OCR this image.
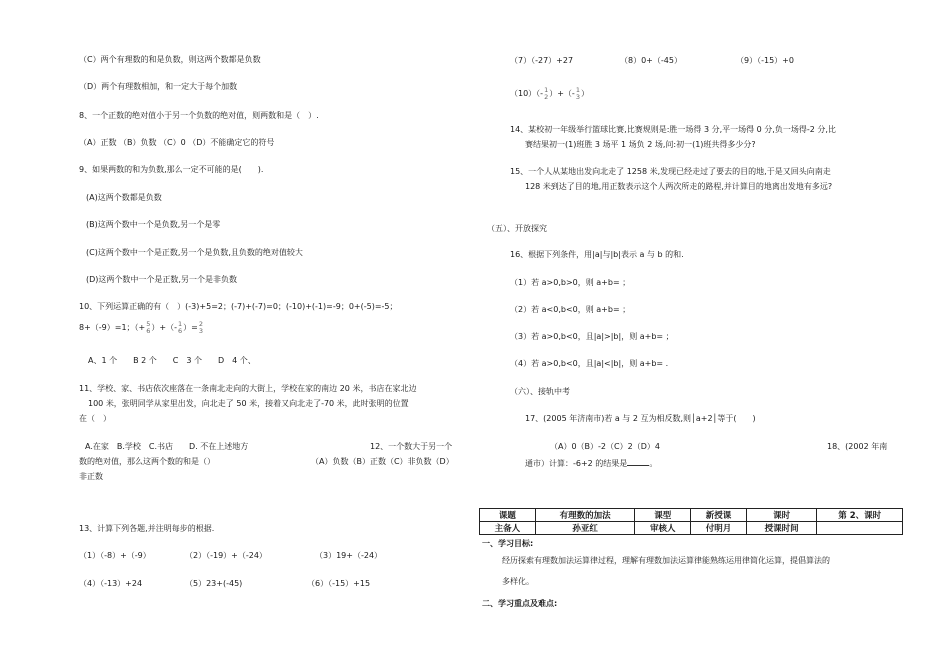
（C）两个有理数的和是负数，则这两个数都是负数
（D）两个有理数相加，和一定大于每个加数
8、一个正数的绝对值小于另一个负数的绝对值，则两数和是（　）.
（A）正数 （B）负数 （C）0 （D）不能确定它的符号
9、如果两数的和为负数,那么一定不可能的是(　　).
(A)这两个数都是负数
(B)这两个数中一个是负数,另一个是零
(C)这两个数中一个是正数,另一个是负数,且负数的绝对值较大
(D)这两个数中一个是正数,另一个是非负数
10、下列运算正确的有（　）(-3)+5=2；(-7)+(-7)=0；(-10)+(-1)=-9；0+(-5)=-5；
8+（-9）=1；（+ 5
6 ）+（- 1
6 ）= 2
3
A、1 个　　B 2 个　　C　3 个　　D　4 个、
11、学校、家、书店依次座落在一条南北走向的大街上，学校在家的南边 20 米，书店在家北边
100 米，张明同学从家里出发，向北走了 50 米，接着又向北走了-70 米，此时张明的位置
在（　）
A.在家　B.学校　C.书店　　D. 不在上述地方	12、一个数大于另一个
数的绝对值，那么这两个数的和是（）	（A）负数（B）正数（C）非负数（D）
非正数
13、计算下列各题,并注明每步的根据.
（1）（-8）+（-9）	（2）（-19）+（-24）	（3）19+（-24）
（4）（-13）+24	（5）23+(-45)	（6）（-15）+15
（7）（-27）+27	（8）0+（-45）	（9）（-15）+0
（10）（- 1
2 ）+（- 1
3 ）
14、某校初一年级举行篮球比赛,比赛规则是:胜一场得 3 分,平一场得 0 分,负一场得-2 分,比
赛结果初一(1)班胜 3 场平 1 场负 2 场,问:初一(1)班共得多少分?
15、一个人从某地出发向北走了 1258 米,发现已经走过了要去的目的地,于是又回头向南走
128 米到达了目的地,用正数表示这个人两次所走的路程,并计算目的地离出发地有多远?
（五）、开放探究
16、根据下列条件，用|a|与|b|表示 a 与 b 的和.
（1）若 a>0,b>0，则 a+b= ；
（2）若 a<0,b<0，则 a+b= ；
（3）若 a>0,b<0，且|a|>|b|，则 a+b= ；
（4）若 a>0,b<0，且|a|<|b|，则 a+b= .
（六）、接轨中考
17、(2005 年济南市)若 a 与 2 互为相反数,则│a+2│等于(　　)
（A）0（B）-2（C）2（D）4	18、(2002 年南
通市）计算：-6+2 的结果是	。
课题	有理数的加法	课型	新授课	课时	第 2、课时
主备人	孙亚红	审核人	付明月	授课时间	
一、学习目标:
经历探索有理数加法运算律过程，理解有理数加法运算律能熟练运用律简化运算，提倡算法的
多样化。
二、学习重点及难点:
